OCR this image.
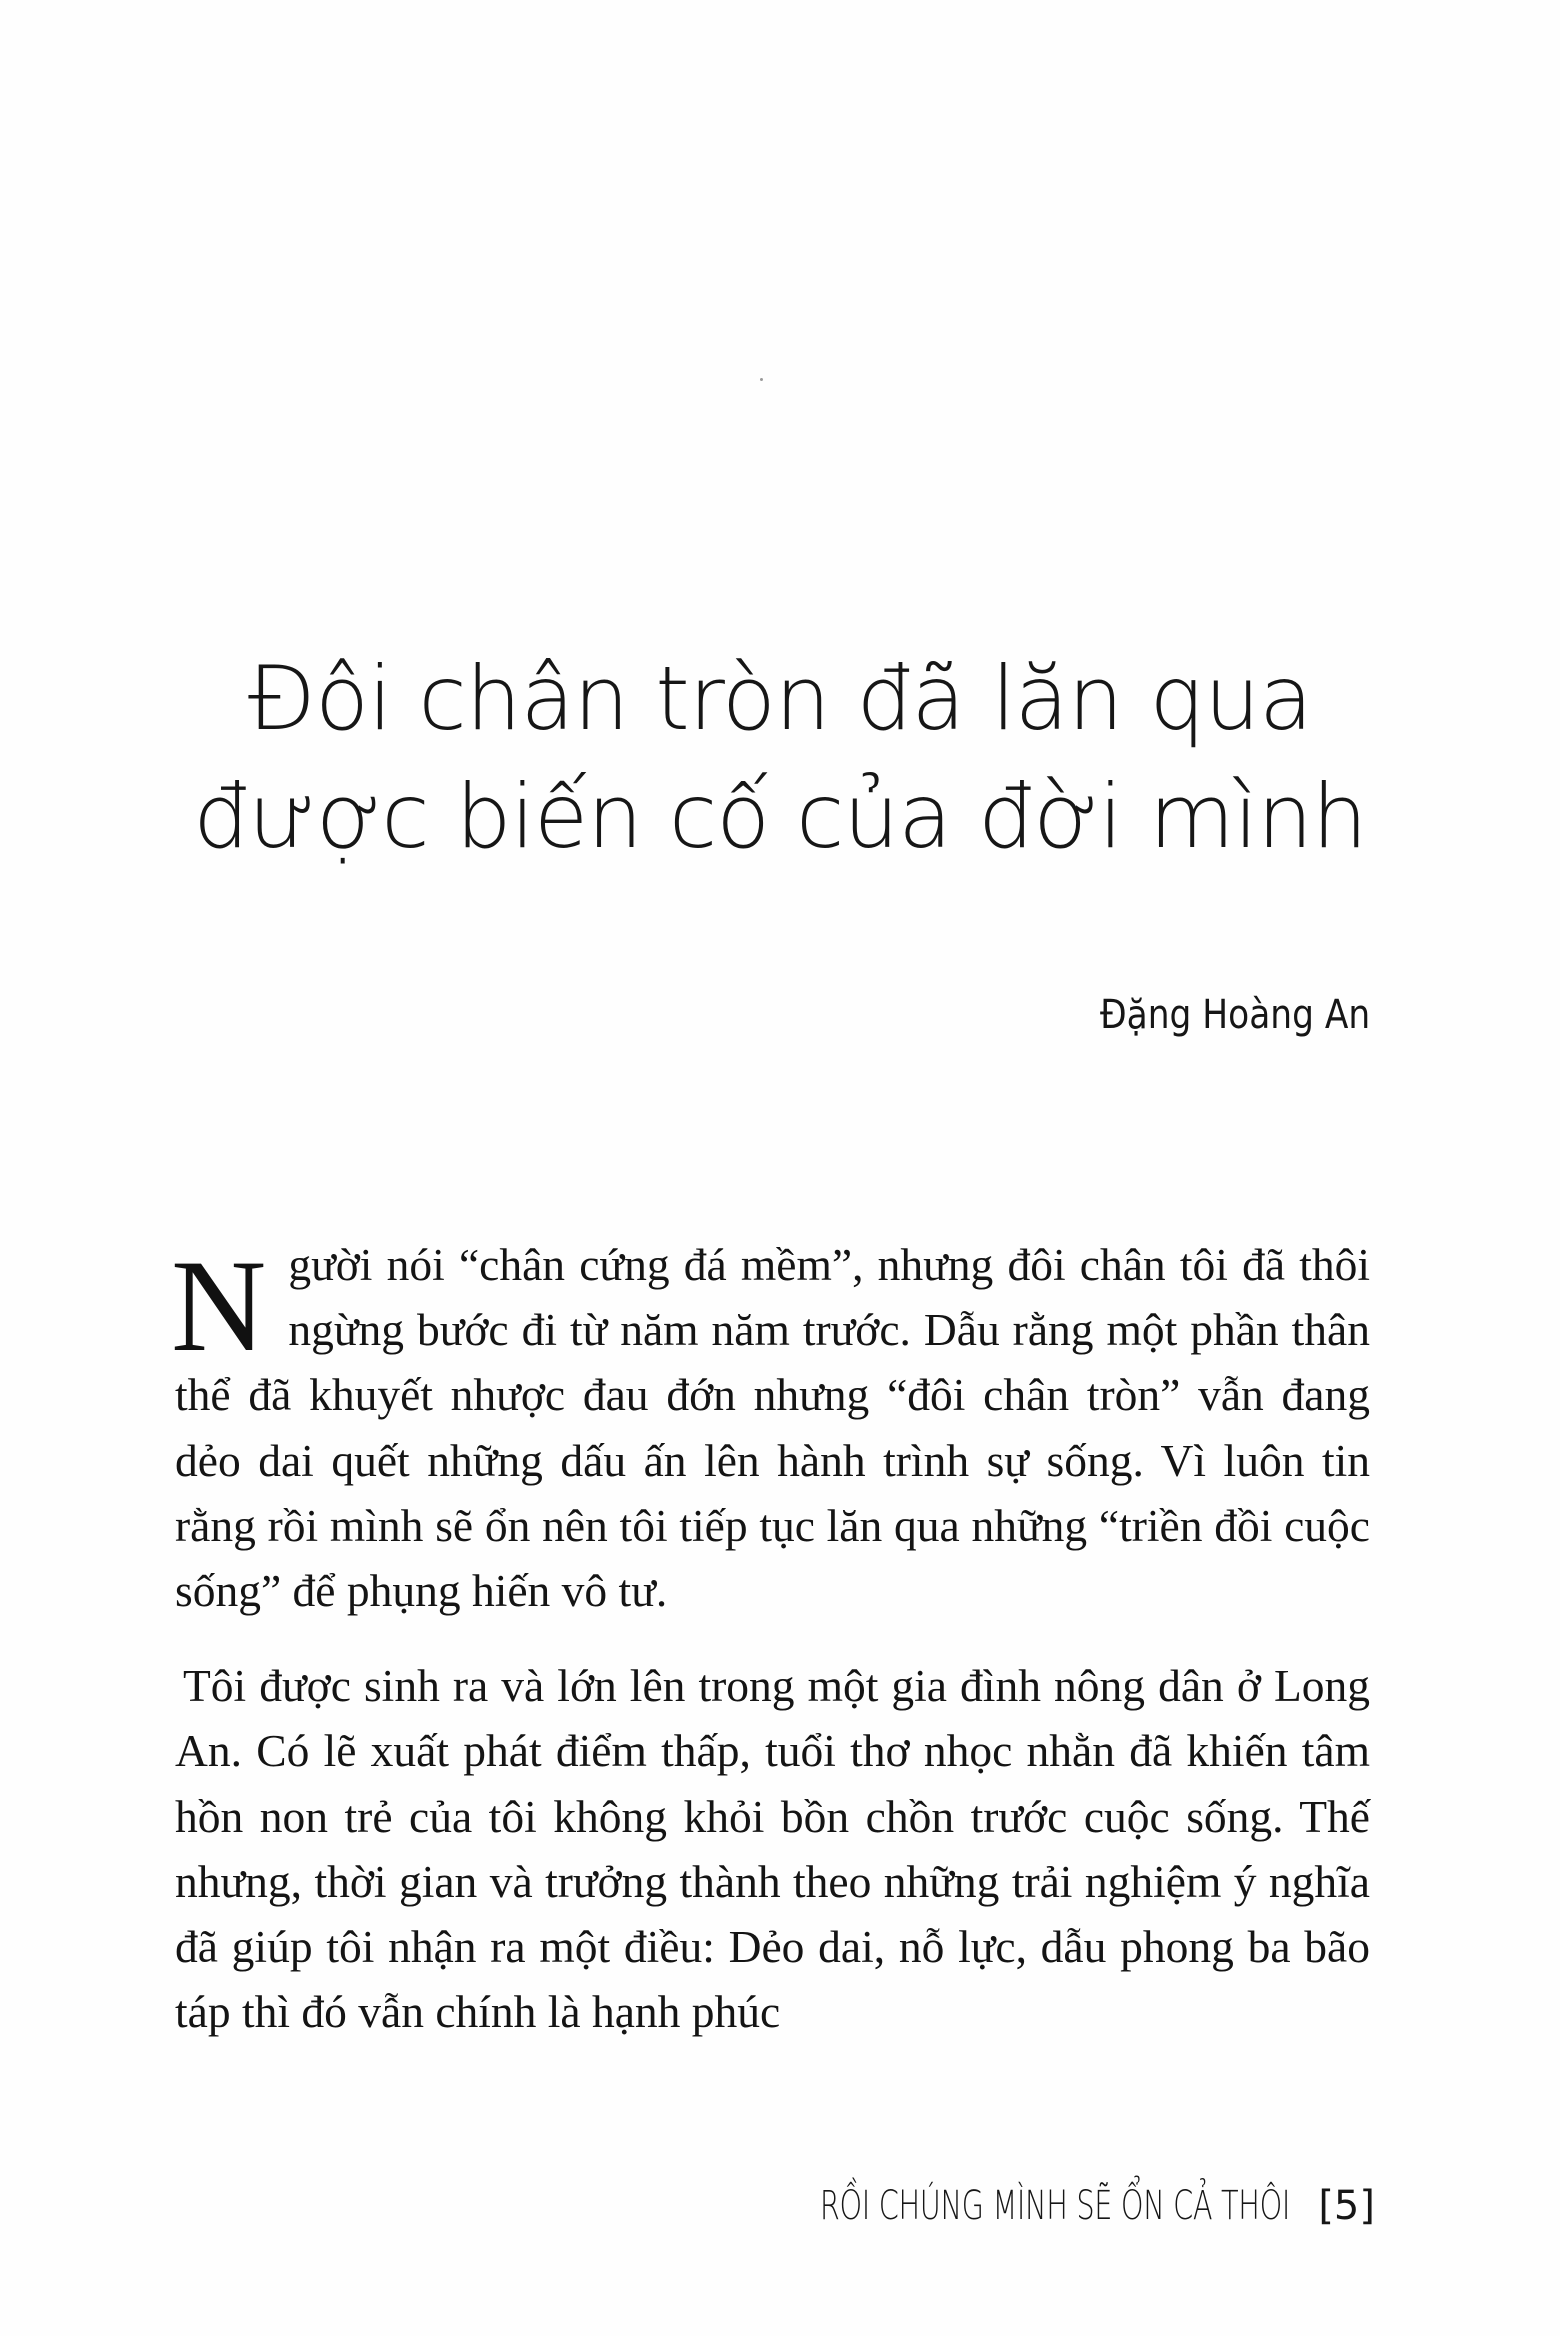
Đôi chân tròn đã lăn qua
được biến cố của đời mình
Đặng Hoàng An

Người nói “chân cứng đá mềm”, nhưng đôi chân tôi đã thôi ngừng bước đi từ năm năm trước. Dẫu rằng một phần thân thể đã khuyết nhược đau đớn nhưng “đôi chân tròn” vẫn đang dẻo dai quết những dấu ấn lên hành trình sự sống. Vì luôn tin rằng rồi mình sẽ ổn nên tôi tiếp tục lăn qua những “triền đồi cuộc sống” để phụng hiến vô tư.

Tôi được sinh ra và lớn lên trong một gia đình nông dân ở Long An. Có lẽ xuất phát điểm thấp, tuổi thơ nhọc nhằn đã khiến tâm hồn non trẻ của tôi không khỏi bồn chồn trước cuộc sống. Thế nhưng, thời gian và trưởng thành theo những trải nghiệm ý nghĩa đã giúp tôi nhận ra một điều: Dẻo dai, nỗ lực, dẫu phong ba bão táp thì đó vẫn chính là hạnh phúc

RỒI CHÚNG MÌNH SẼ ỔN CẢ THÔI [5]
